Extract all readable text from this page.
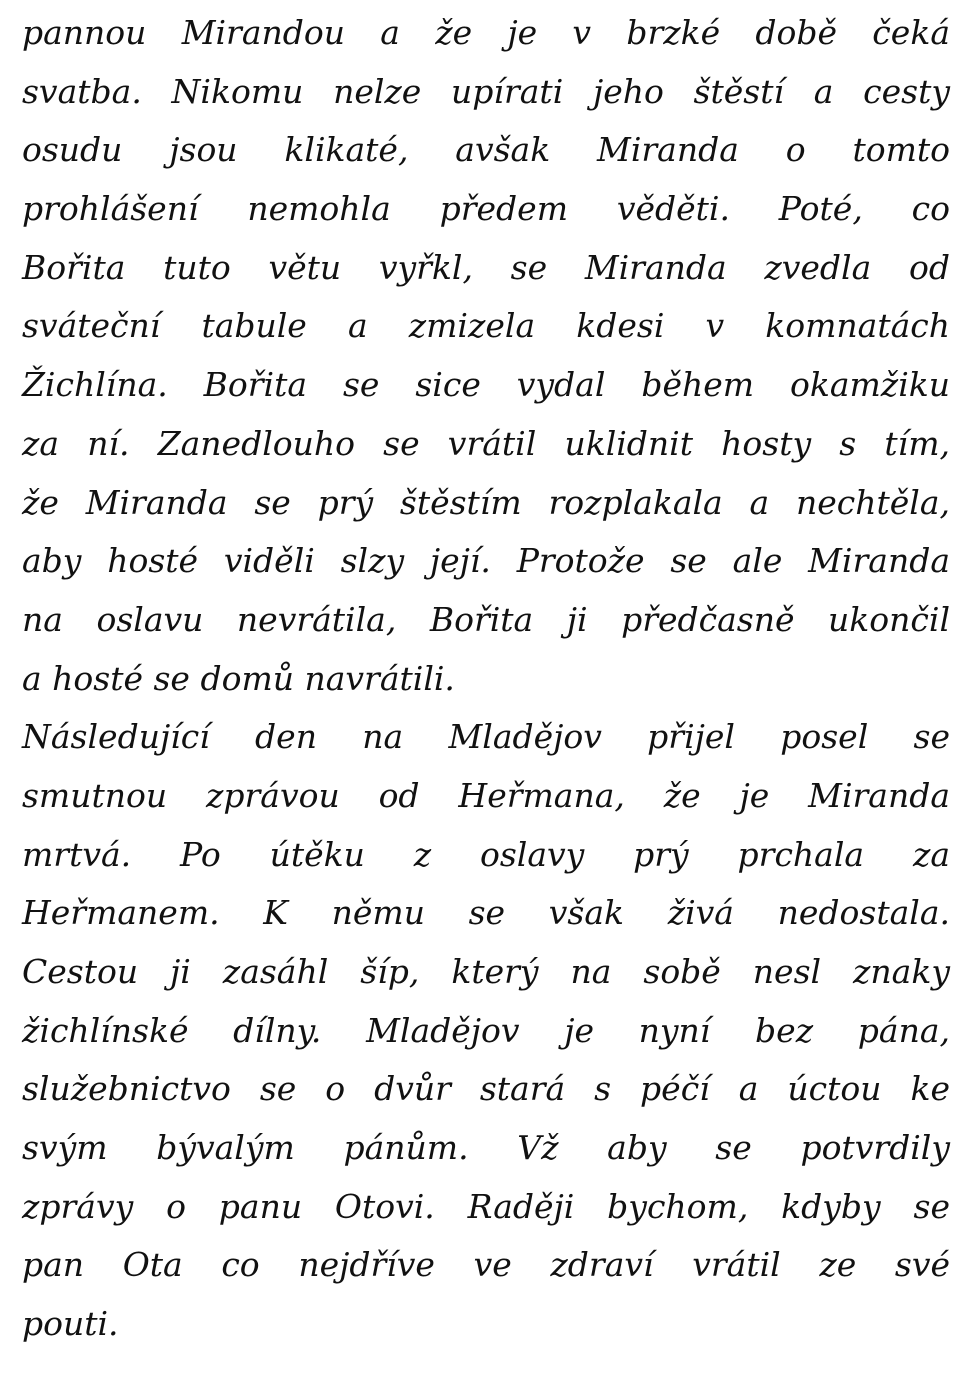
pannou Mirandou a že je v brzké době čeká
svatba. Nikomu nelze upírati jeho štěstí a cesty
osudu jsou klikaté, avšak Miranda o tomto
prohlášení nemohla předem věděti. Poté, co
Bořita tuto větu vyřkl, se Miranda zvedla od
sváteční tabule a zmizela kdesi v komnatách
Žichlína. Bořita se sice vydal během okamžiku
za ní. Zanedlouho se vrátil uklidnit hosty s tím,
že Miranda se prý štěstím rozplakala a nechtěla,
aby hosté viděli slzy její. Protože se ale Miranda
na oslavu nevrátila, Bořita ji předčasně ukončil
a hosté se domů navrátili.
Následující den na Mladějov přijel posel se
smutnou zprávou od Heřmana, že je Miranda
mrtvá. Po útěku z oslavy prý prchala za
Heřmanem. K němu se však živá nedostala.
Cestou ji zasáhl šíp, který na sobě nesl znaky
žichlínské dílny. Mladějov je nyní bez pána,
služebnictvo se o dvůr stará s péčí a úctou ke
svým bývalým pánům. Vž aby se potvrdily
zprávy o panu Otovi. Raději bychom, kdyby se
pan Ota co nejdříve ve zdraví vrátil ze své
pouti.
